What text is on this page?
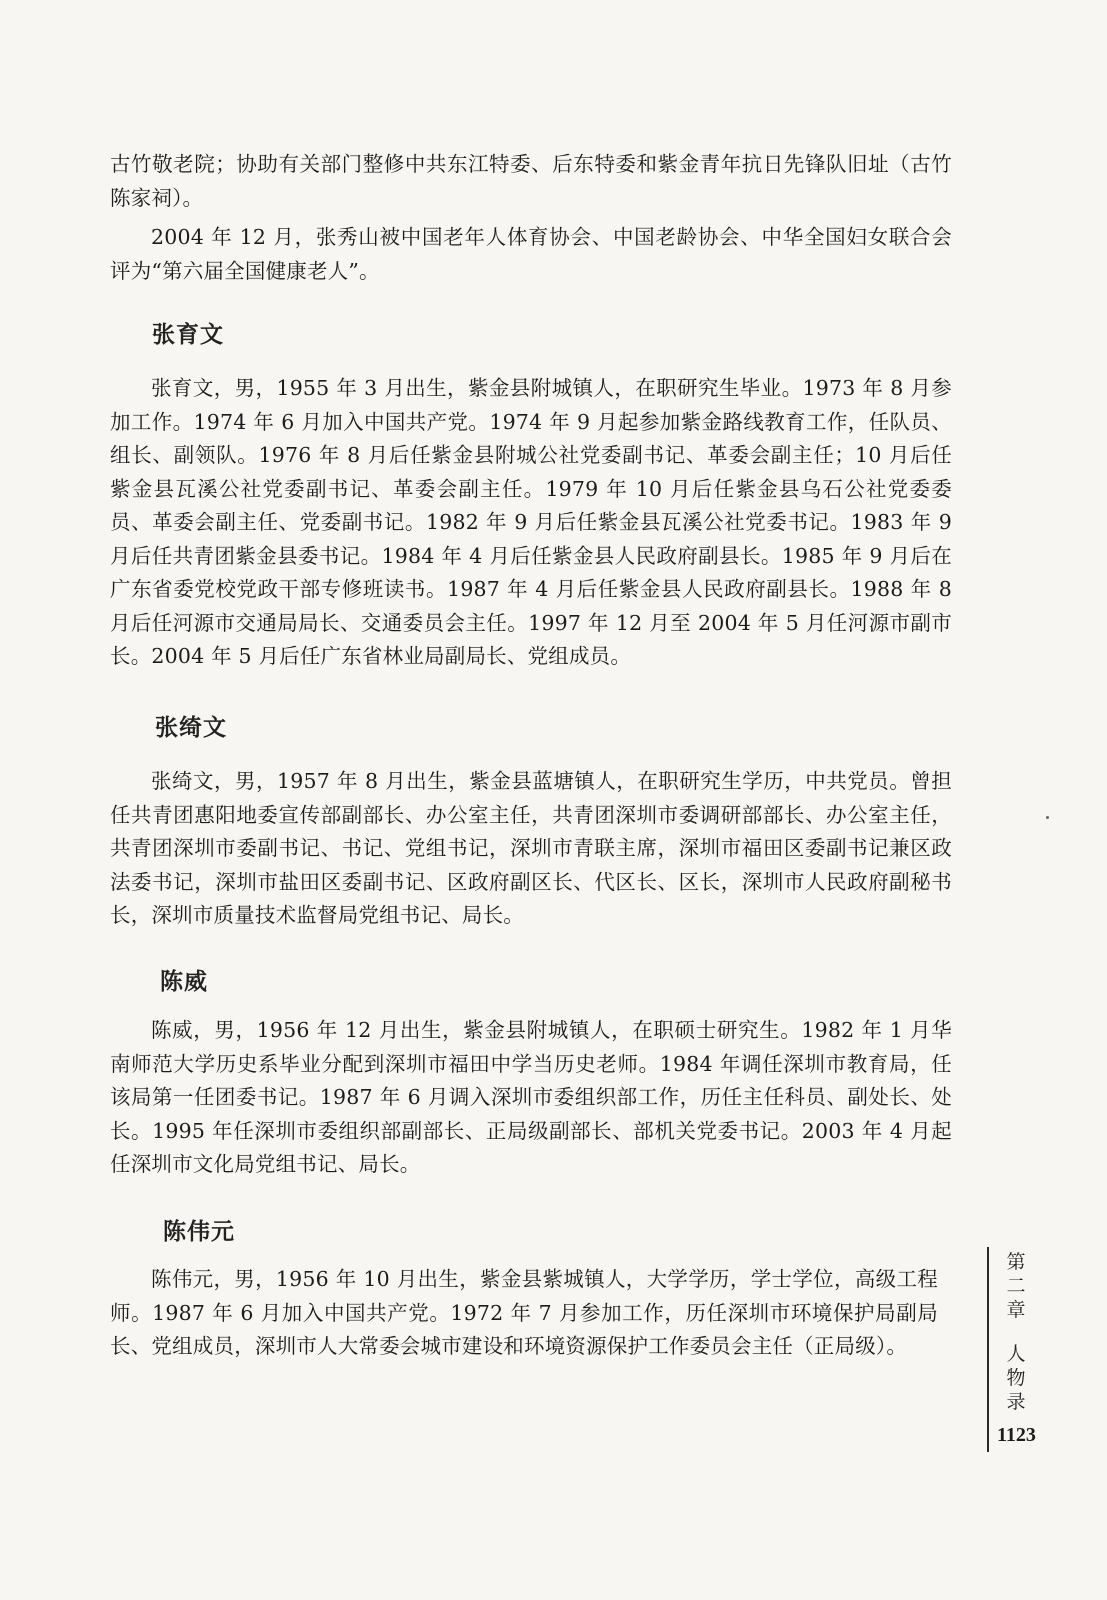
古竹敬老院；协助有关部门整修中共东江特委、后东特委和紫金青年抗日先锋队旧址（古竹陈家祠）。

2004 年 12 月，张秀山被中国老年人体育协会、中国老龄协会、中华全国妇女联合会评为“第六届全国健康老人”。

张育文

张育文，男，1955 年 3 月出生，紫金县附城镇人，在职研究生毕业。1973 年 8 月参加工作。1974 年 6 月加入中国共产党。1974 年 9 月起参加紫金路线教育工作，任队员、组长、副领队。1976 年 8 月后任紫金县附城公社党委副书记、革委会副主任；10 月后任紫金县瓦溪公社党委副书记、革委会副主任。1979 年 10 月后任紫金县乌石公社党委委员、革委会副主任、党委副书记。1982 年 9 月后任紫金县瓦溪公社党委书记。1983 年 9 月后任共青团紫金县委书记。1984 年 4 月后任紫金县人民政府副县长。1985 年 9 月后在广东省委党校党政干部专修班读书。1987 年 4 月后任紫金县人民政府副县长。1988 年 8 月后任河源市交通局局长、交通委员会主任。1997 年 12 月至 2004 年 5 月任河源市副市长。2004 年 5 月后任广东省林业局副局长、党组成员。

张绮文

张绮文，男，1957 年 8 月出生，紫金县蓝塘镇人，在职研究生学历，中共党员。曾担任共青团惠阳地委宣传部副部长、办公室主任，共青团深圳市委调研部部长、办公室主任，共青团深圳市委副书记、书记、党组书记，深圳市青联主席，深圳市福田区委副书记兼区政法委书记，深圳市盐田区委副书记、区政府副区长、代区长、区长，深圳市人民政府副秘书长，深圳市质量技术监督局党组书记、局长。

陈威

陈威，男，1956 年 12 月出生，紫金县附城镇人，在职硕士研究生。1982 年 1 月华南师范大学历史系毕业分配到深圳市福田中学当历史老师。1984 年调任深圳市教育局，任该局第一任团委书记。1987 年 6 月调入深圳市委组织部工作，历任主任科员、副处长、处长。1995 年任深圳市委组织部副部长、正局级副部长、部机关党委书记。2003 年 4 月起任深圳市文化局党组书记、局长。

陈伟元

陈伟元，男，1956 年 10 月出生，紫金县紫城镇人，大学学历，学士学位，高级工程师。1987 年 6 月加入中国共产党。1972 年 7 月参加工作，历任深圳市环境保护局副局长、党组成员，深圳市人大常委会城市建设和环境资源保护工作委员会主任（正局级）。

第二章
人物录
1123
